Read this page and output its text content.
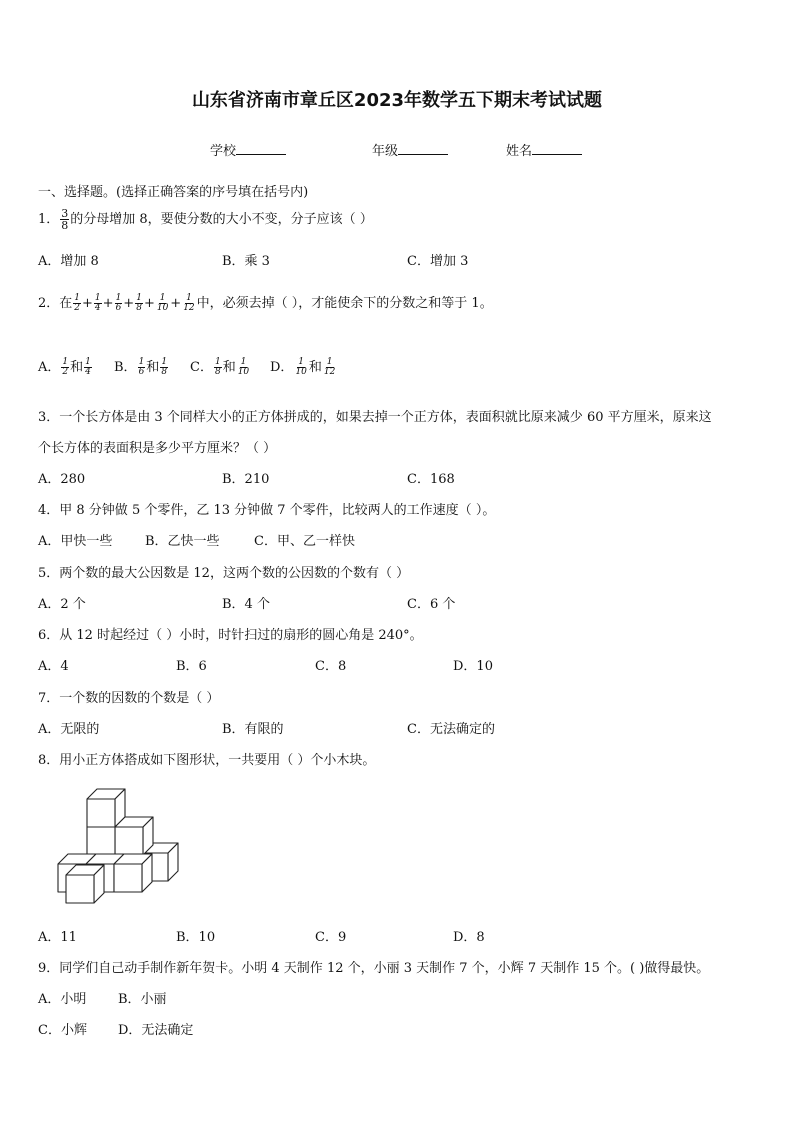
山东省济南市章丘区2023年数学五下期末考试试题
学校	年级	姓名
一、选择题。(选择正确答案的序号填在括号内)
1． $\frac{3}{8}$ 的分母增加 8，要使分数的大小不变，分子应该（ ）
A．增加 8	B．乘 3	C．增加 3
2．在 $\frac{1}{2} + \frac{1}{4} + \frac{1}{6} + \frac{1}{8} + \frac{1}{10} + \frac{1}{12}$ 中，必须去掉（ ），才能使余下的分数之和等于 1。
A． $\frac{1}{2}$ 和 $\frac{1}{4}$ B． $\frac{1}{6}$ 和 $\frac{1}{8}$ C． $\frac{1}{8}$ 和 $\frac{1}{10}$ D． $\frac{1}{10}$ 和 $\frac{1}{12}$
3．一个长方体是由 3 个同样大小的正方体拼成的，如果去掉一个正方体，表面积就比原来减少 60 平方厘米，原来这
个长方体的表面积是多少平方厘米？（ ）
A．280	B．210	C．168
4．甲 8 分钟做 5 个零件，乙 13 分钟做 7 个零件，比较两人的工作速度（ ）。
A．甲快一些	B．乙快一些	C．甲、乙一样快
5．两个数的最大公因数是 12，这两个数的公因数的个数有（ ）
A．2 个	B．4 个	C．6 个
6．从 12 时起经过（ ）小时，时针扫过的扇形的圆心角是 240°。
A．4	B．6	C．8	D．10
7．一个数的因数的个数是（ ）
A．无限的	B．有限的	C．无法确定的
8．用小正方体搭成如下图形状，一共要用（ ）个小木块。
A．11	B．10	C．9	D．8
9．同学们自己动手制作新年贺卡。小明 4 天制作 12 个，小丽 3 天制作 7 个，小辉 7 天制作 15 个。( )做得最快。
A．小明 B．小丽
C．小辉 D．无法确定
